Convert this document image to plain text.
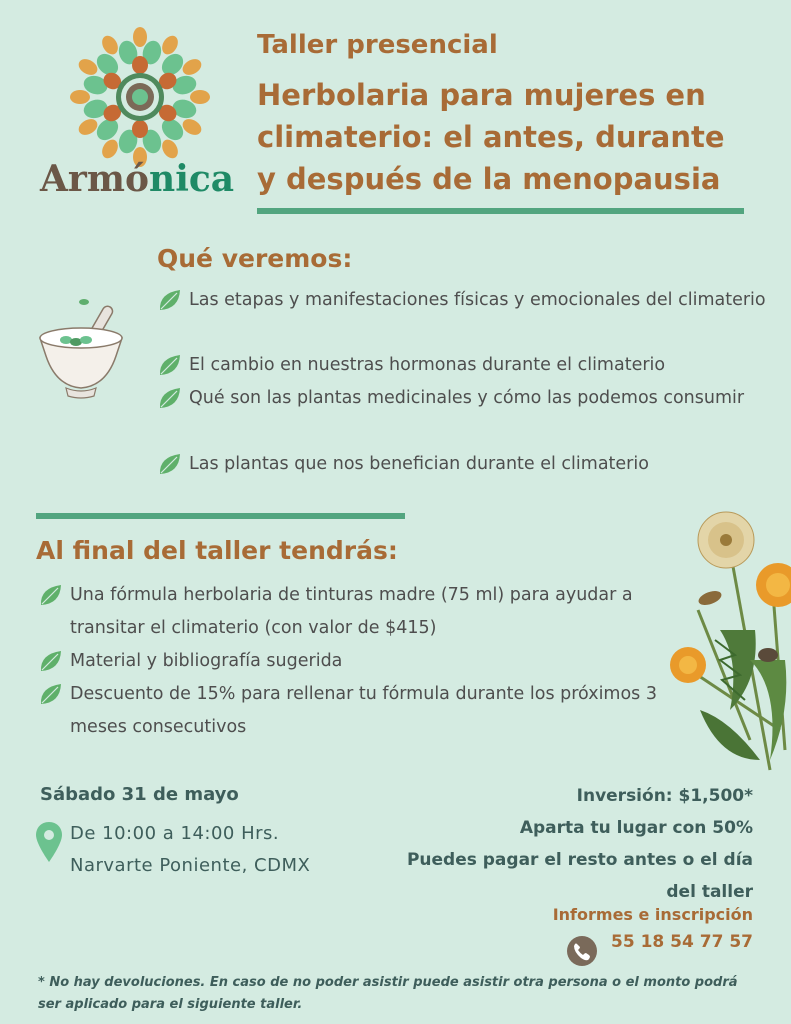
Armónica
Taller presencial
Herbolaria para mujeres en climaterio: el antes, durante y después de la menopausia
Qué veremos:
Las etapas y manifestaciones físicas y emocionales del climaterio
El cambio en nuestras hormonas durante el climaterio
Qué son las plantas medicinales y cómo las podemos consumir
Las plantas que nos benefician durante el climaterio
Al final del taller tendrás:
Una fórmula herbolaria de tinturas madre (75 ml) para ayudar a transitar el climaterio (con valor de $415)
Material y bibliografía sugerida
Descuento de 15% para rellenar tu fórmula durante los próximos 3 meses consecutivos
Sábado 31 de mayo
De 10:00 a 14:00 Hrs.
Narvarte Poniente, CDMX
Inversión: $1,500*
Aparta tu lugar con 50%
Puedes pagar el resto antes o el día
del taller
Informes e inscripción
55 18 54 77 57
* No hay devoluciones. En caso de no poder asistir puede asistir otra persona o el monto podrá ser aplicado para el siguiente taller.
